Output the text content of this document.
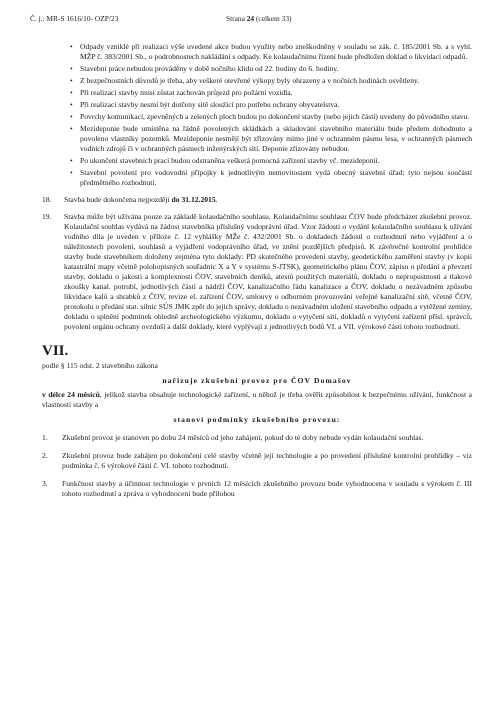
Č. j.: MR-S 1616/10- OZP/23	Strana 24 (celkem 33)
• Odpady vzniklé při realizaci výše uvedené akce budou využity nebo zneškodněny v souladu se zák. č. 185/2001 Sb. a s vyhl. MŽP č. 383/2001 Sb., o podrobnostech nakládání s odpady. Ke kolaudačnímu řízení bude předložen doklad o likvidaci odpadů.
• Stavební práce nebudou prováděny v době nočního klidu od 22. hodiny do 6. hodiny.
• Z bezpečnostních důvodů je třeba, aby veškeré otevřené výkopy byly ohrazeny a v nočních hodinách osvětleny.
• Při realizaci stavby musí zůstat zachován průjezd pro požární vozidla.
• Při realizaci stavby nesmí být dotčeny sítě sloužící pro potřebu ochrany obyvatelstva.
• Povrchy komunikací, zpevněných a zelených ploch budou po dokončení stavby (nebo jejích částí) uvedeny do původního stavu.
• Mezideponie bude umístěna na řádně povolených skládkách a skladování stavebního materiálu bude předem dohodnuto a povoleno vlastníky pozemků. Mezideponie nesmějí být zřizovány mimo jiné v ochranném pásmu lesa, v ochranných pásmech vodních zdrojů či v ochranných pásmech inženýrských sítí. Deponie zřizovány nebudou.
• Po ukončení stavebních prací budou odstraněna veškerá pomocná zařízení stavby vč. mezideponií.
• Stavební povolení pro vodovodní přípojky k jednotlivým nemovitostem vydá obecný stavební úřad; tyto nejsou součástí předmětného rozhodnutí.
18.	Stavba bude dokončena nejpozději do 31.12.2015.
19.	Stavba může být užívána pouze za základě kolaudačního souhlasu. Kolaudačnímu souhlasu ČOV bude předcházet zkušební provoz. Kolaudační souhlas vydává na žádost stavebníka příslušný vodoprávní úřad. Vzor žádosti o vydání kolaudačního souhlasu k užívání vodního díla je uveden v příloze č. 12 vyhlášky MŽe č. 432/2001 Sb. o dokladech žádosti o rozhodnutí nebo vyjádření a o náležitostech povolení, souhlasů a vyjádření vodoprávního úřad, ve znění pozdějších předpisů. K závěrečné kontrolní prohlídce stavby bude stavebníkem doloženy zejména tyto doklady: PD skutečného provedení stavby, geodetického zaměření stavby (v kopii katastrální mapy včetně polohopisných souřadnic X a Y v systému S-JTSK), geometrického plánu ČOV, zápisu o předání a převzetí stavby, dokladu o jakosti a komplexnosti ČOV, stavebních deníků, atestů použitých materiálů, dokladu o nepropustnosti a tlakové zkoušky kanal. potrubí, jednotlivých částí a nádrží ČOV, kanalizačního řádu kanalizace a ČOV, dokladu o nezávadném způsobu likvidace kalů a shrabků z ČOV, revize el. zařízení ČOV, smlouvy o odborném provozování veřejné kanalizační sítě, včetně ČOV, protokolu o předání stat. silnic SÚS JMK zpět do jejich správy, dokladu o nezávadném uložení stavebního odpadu a vytěžené zeminy, dokladu o splnění podmínek ohledně archeologického výzkumu, dokladu o vytyčení sítí, dokladů o vytyčení zařízení přísl. správců, povolení orgánu ochrany ovzduší a další doklady, které vyplývají z jednotlivých bodů VI. a VII. výrokové části tohoto rozhodnutí.
VII.
podle § 115 odst. 2 stavebního zákona
nařizuje zkušební provoz pro ČOV Domašov
v délce 24 měsíců, jelikož stavba obsahuje technologické zařízení, u něhož je třeba ověřit způsobilost k bezpečnému užívání, funkčnost a vlastnosti stavby a
stanoví podmínky zkušebního provozu:
1.	Zkušební provoz je stanoven po dobu 24 měsíců od jeho zahájení, pokud do té doby nebude vydán kolaudační souhlas.
2.	Zkušební provoz bude zahájen po dokončení celé stavby včetně její technologie a po provedení příslušné kontrolní prohlídky – viz podmínka č. 6 výrokové části č. VI. tohoto rozhodnutí.
3.	Funkčnost stavby a účinnost technologie v prvních 12 měsících zkušebního provozu bude vyhodnocena v souladu s výrokem č. III tohoto rozhodnutí a zpráva o vyhodnocení bude přílohou
